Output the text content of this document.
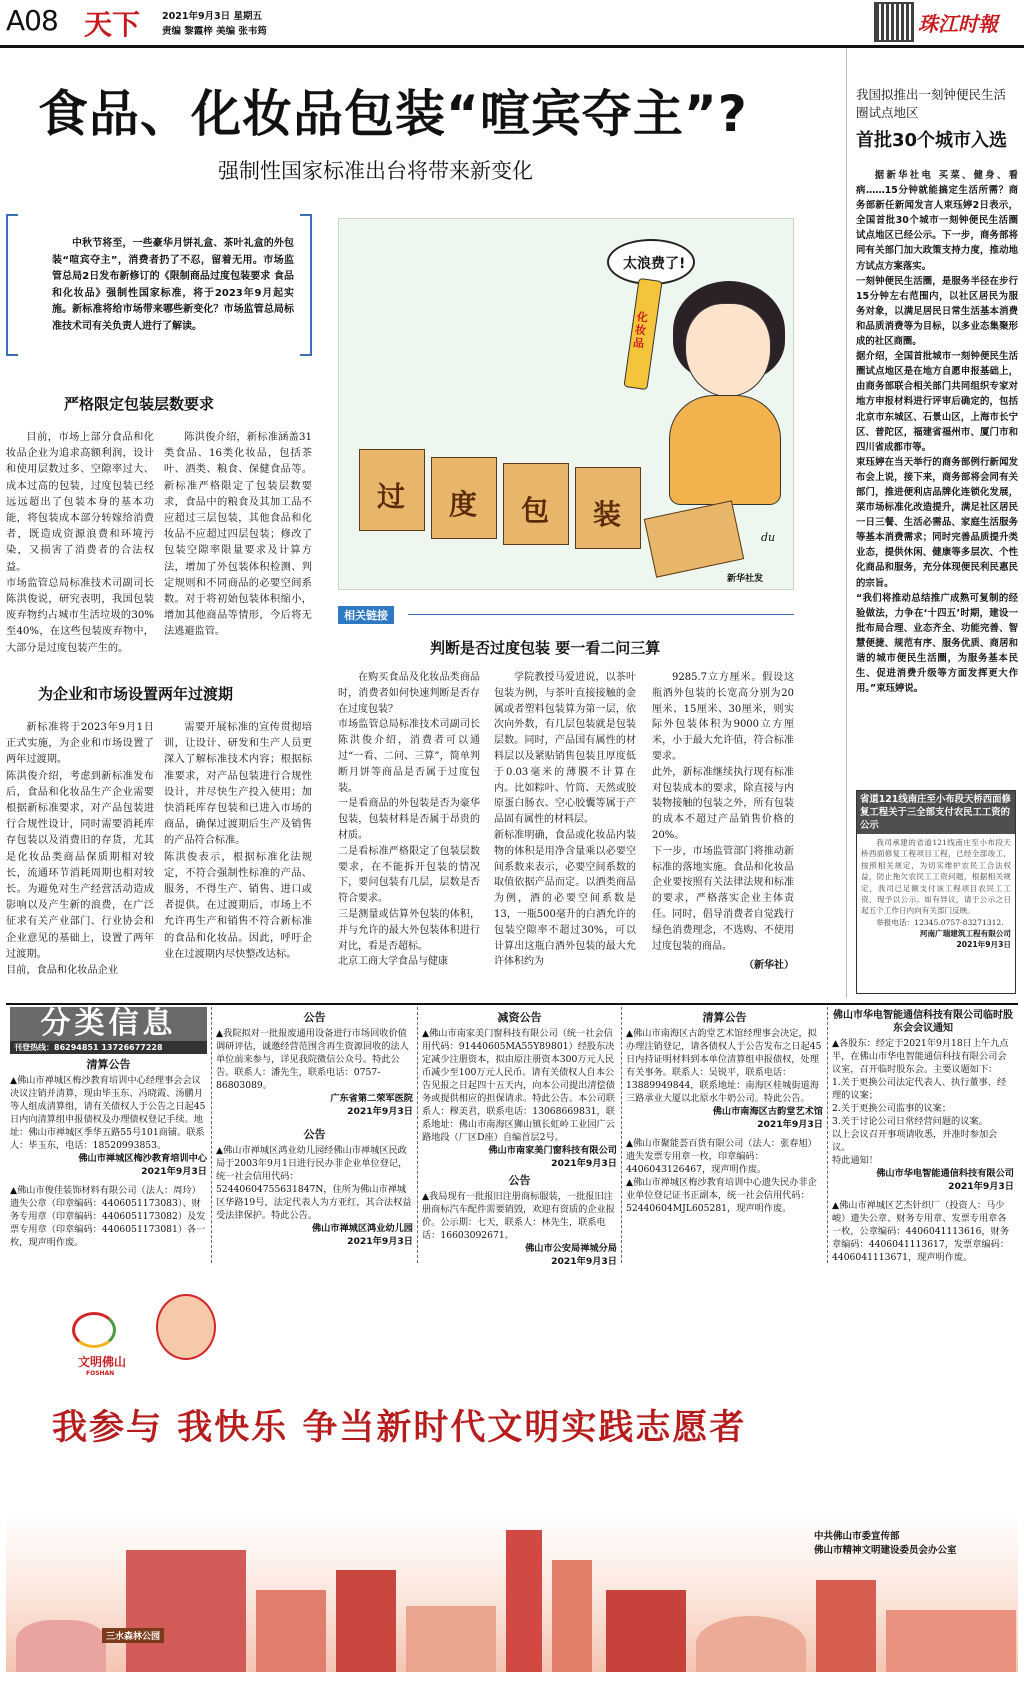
A08 天下 2021年9月3日 星期五
责编 黎霞梓 美编 张韦筠	珠江时報
食品、化妆品包装“喧宾夺主”?
强制性国家标准出台将带来新变化

中秋节将至，一些豪华月饼礼盒、茶叶礼盒的外包装“喧宾夺主”，消费者扔了不忍，留着无用。市场监管总局2日发布新修订的《限制商品过度包装要求 食品和化妆品》强制性国家标准，将于2023年9月起实施。新标准将给市场带来哪些新变化？市场监管总局标准技术司有关负责人进行了解读。

太浪费了!
化妆品
过 度 包 装
du
新华社发
严格限定包装层数要求

目前，市场上部分食品和化妆品企业为追求高额利润，设计和使用层数过多、空隙率过大、成本过高的包装，过度包装已经远远超出了包装本身的基本功能，将包装成本部分转嫁给消费者，既造成资源浪费和环境污染，又损害了消费者的合法权益。
市场监管总局标准技术司副司长陈洪俊说，研究表明，我国包装废弃物约占城市生活垃圾的30%至40%，在这些包装废弃物中，大部分是过度包装产生的。

陈洪俊介绍，新标准涵盖31类食品、16类化妆品，包括茶叶、酒类、粮食、保健食品等。新标准严格限定了包装层数要求，食品中的粮食及其加工品不应超过三层包装，其他食品和化妆品不应超过四层包装；修改了包装空隙率限量要求及计算方法，增加了外包装体积检测、判定规则和不同商品的必要空间系数。对于将初始包装体积缩小，增加其他商品等情形，今后将无法逃避监管。

为企业和市场设置两年过渡期

新标准将于2023年9月1日正式实施，为企业和市场设置了两年过渡期。
陈洪俊介绍，考虑到新标准发布后，食品和化妆品生产企业需要根据新标准要求，对产品包装进行合规性设计，同时需要消耗库存包装以及消费旧的存货，尤其是化妆品类商品保质期相对较长，流通环节消耗周期也相对较长。为避免对生产经营活动造成影响以及产生新的浪费，在广泛征求有关产业部门、行业协会和企业意见的基础上，设置了两年过渡期。
目前，食品和化妆品企业

需要开展标准的宣传贯彻培训，让设计、研发和生产人员更深入了解标准技术内容；根据标准要求，对产品包装进行合规性设计，并尽快生产投入使用；加快消耗库存包装和已进入市场的商品，确保过渡期后生产及销售的产品符合标准。
陈洪俊表示，根据标准化法规定，不符合强制性标准的产品、服务，不得生产、销售、进口或者提供。在过渡期后，市场上不允许再生产和销售不符合新标准的食品和化妆品。因此，呼吁企业在过渡期内尽快整改达标。

相关链接
判断是否过度包装 要一看二问三算

在购买食品及化妆品类商品时，消费者如何快速判断是否存在过度包装？
市场监管总局标准技术司副司长陈洪俊介绍，消费者可以通过“一看、二问、三算”，简单判断月饼等商品是否属于过度包装。
一是看商品的外包装是否为豪华包装，包装材料是否属于昂贵的材质。
二是看标准严格限定了包装层数要求，在不能拆开包装的情况下，要问包装有几层，层数是否符合要求。
三是测量或估算外包装的体积，并与允许的最大外包装体积进行对比，看是否超标。
北京工商大学食品与健康

学院教授马爱进说，以茶叶包装为例，与茶叶直接接触的金属或者塑料包装算为第一层，依次向外数，有几层包装就是包装层数。同时，产品国有属性的材料层以及紧贴销售包装且厚度低于0.03毫米的薄膜不计算在内。比如粽叶、竹筒、天然或胶原蛋白肠衣、空心胶囊等属于产品固有属性的材料层。
新标准明确，食品或化妆品内装物的体积是用净含量乘以必要空间系数来表示，必要空间系数的取值依据产品而定。以酒类商品为例，酒的必要空间系数是13，一瓶500毫升的白酒允许的包装空隙率不超过30%，可以计算出这瓶白酒外包装的最大允许体积约为

9285.7立方厘米。假设这瓶酒外包装的长宽高分别为20厘米、15厘米、30厘米，则实际外包装体积为9000立方厘米，小于最大允许值，符合标准要求。
此外，新标准继续执行现有标准对包装成本的要求，除直接与内装物接触的包装之外，所有包装的成本不超过产品销售价格的20%。
下一步，市场监管部门将推动新标准的落地实施。食品和化妆品企业要按照有关法律法规和标准的要求，严格落实企业主体责任。同时，倡导消费者自觉践行绿色消费理念，不选购、不使用过度包装的商品。

（新华社）
我国拟推出一刻钟便民生活圈试点地区
首批30个城市入选

据新华社电 买菜、健身、看病……15分钟就能搞定生活所需？商务部新任新闻发言人束珏婷2日表示，全国首批30个城市一刻钟便民生活圈试点地区已经公示。下一步，商务部将同有关部门加大政策支持力度，推动地方试点方案落实。
一刻钟便民生活圈，是服务半径在步行15分钟左右范围内，以社区居民为服务对象，以满足居民日常生活基本消费和品质消费等为目标，以多业态集聚形成的社区商圈。
据介绍，全国首批城市一刻钟便民生活圈试点地区是在地方自愿申报基础上，由商务部联合相关部门共同组织专家对地方申报材料进行评审后确定的，包括北京市东城区、石景山区，上海市长宁区、普陀区，福建省福州市、厦门市和四川省成都市等。
束珏婷在当天举行的商务部例行新闻发布会上说，接下来，商务部将会同有关部门，推进便利店品牌化连锁化发展，菜市场标准化改造提升，满足社区居民一日三餐、生活必需品、家庭生活服务等基本消费需求；同时完善品质提升类业态，提供休闲、健康等多层次、个性化商品和服务，充分体现便民利民惠民的宗旨。
“我们将推动总结推广成熟可复制的经验做法，力争在‘十四五’时期，建设一批布局合理、业态齐全、功能完善、智慧便捷、规范有序、服务优质、商居和谐的城市便民生活圈，为服务基本民生、促进消费升级等方面发挥更大作用。”束珏婷说。

省道121线南庄至小布段天桥西面修复工程关于三全部支付农民工工资的公示

我司承建的省道121线南庄至小布段天桥西面修复工程项目工程，已经全部竣工，按照相关规定，为切实维护农民工合法权益，防止拖欠农民工工资问题，根据相关规定，我司已足额支付该工程项目农民工工资，现予以公示。如有异议，请于公示之日起五个工作日内向有关部门反映。

举报电话：12345.0757-83271312.

河南广瑞建筑工程有限公司
2021年9月3日
分类信息
刊登热线：86294851 13726677228
清算公告

▲佛山市禅城区梅沙教育培训中心经理事会会议决议注销并清算，现由毕玉东、冯晓霞、汤鹏月等人组成清算组，请有关债权人于公告之日起45日内向清算组申报债权及办理债权登记手续。地址：佛山市禅城区季华五路55号101商铺。联系人：毕玉东，电话：18520993853。

佛山市禅城区梅沙教育培训中心
2021年9月3日

▲佛山市俊佳装饰材料有限公司（法人：周玲）遗失公章（印章编码：4406051173083）、财务专用章（印章编码：4406051173082）及发票专用章（印章编码：4406051173081）各一枚，现声明作废。

公告

▲我院拟对一批报废通用设备进行市场回收价值调研评估，诚邀经营范围含再生资源回收的法人单位前来参与，详见我院微信公众号。特此公告。联系人：潘先生，联系电话：0757-86803089。

广东省第二荣军医院
2021年9月3日
公告

▲佛山市禅城区鸿业幼儿园经佛山市禅城区民政局于2003年9月1日进行民办非企业单位登记，统一社会信用代码：52440604755631847N，住所为佛山市禅城区华路19号，法定代表人为方亚红，其合法权益受法律保护。特此公告。

佛山市禅城区鸿业幼儿园
2021年9月3日
减资公告

▲佛山市南家美门窗科技有限公司（统一社会信用代码：91440605MA55Y89801）经股东决定减少注册资本，拟由原注册资本300万元人民币减少至100万元人民币。请有关债权人自本公告见报之日起四十五天内，向本公司提出清偿债务或提供相应的担保请求。特此公告。本公司联系人：穆美君，联系电话：13068669831，联系地址：佛山市南海区狮山镇长虹岭工业园广云路地段（厂区D座）自编首层2号。

佛山市南家美门窗科技有限公司
2021年9月3日
公告

▲我局现有一批报旧注册商标服装，一批报旧注册商标汽车配件需要销毁，欢迎有资质的企业报价。公示期：七天，联系人：林先生，联系电话：16603092671。

佛山市公安局禅城分局
2021年9月3日
清算公告

▲佛山市南海区古韵堂艺术馆经理事会决定，拟办理注销登记，请各债权人于公告发布之日起45日内持证明材料到本单位清算组申报债权，处理有关事务。联系人：吴锐平，联系电话：13889949844，联系地址：南海区桂城街道海三路承业大厦以北原水牛奶公司。特此公告。

佛山市南海区古韵堂艺术馆
2021年9月3日

▲佛山市聚能荟百货有限公司（法人：张春旭）遗失发票专用章一枚，印章编码：4406043126467，现声明作废。
▲佛山市禅城区梅沙教育培训中心遗失民办非企业单位登记证书正副本，统一社会信用代码：52440604MJL605281，现声明作废。

佛山市华电智能通信科技有限公司临时股东会会议通知

▲各股东：经定于2021年9月18日上午九点半，在佛山市华电智能通信科技有限公司会议室，召开临时股东会。主要议题如下：
1.关于更换公司法定代表人、执行董事、经理的议案；
2.关于更换公司监事的议案；
3.关于讨论公司日常经营问题的议案。
以上会议召开事项请收悉，并准时参加会议。
特此通知！

佛山市华电智能通信科技有限公司
2021年9月3日

▲佛山市禅城区艺杰针织厂（投资人：马少峻）遗失公章、财务专用章、发票专用章各一枚，公章编码：4406041113616，财务章编码：4406041113617，发票章编码：4406041113671，现声明作废。

文明佛山
FOSHAN
我参与 我快乐 争当新时代文明实践志愿者
中共佛山市委宣传部
佛山市精神文明建设委员会办公室
三水森林公园
